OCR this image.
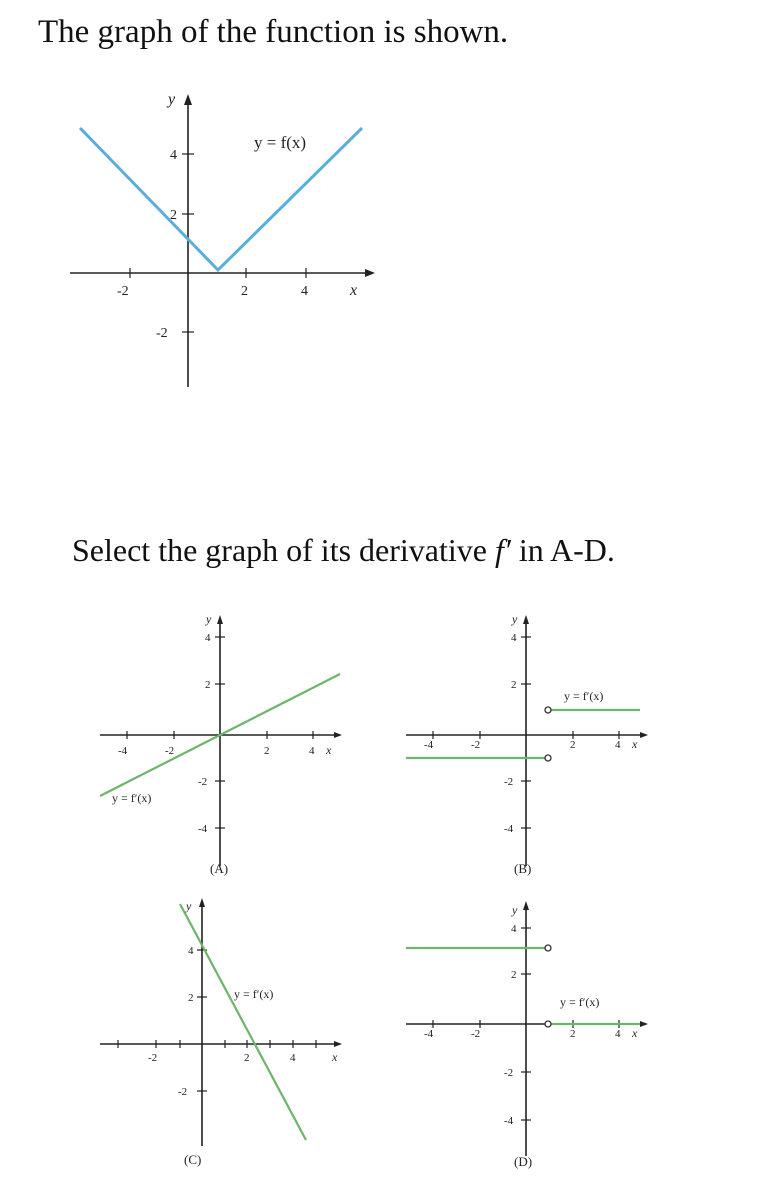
The graph of the function is shown.
-2	2	4	x
4
2
-2
y
y = f(x)

Select the graph of its derivative f′ in A-D.

-4	-2	2	4 x
4
2
-2
-4
y
y = f′(x)
(A)
-4	-2	2	4 x
4
2
-2
-4
y
y = f′(x)
(B)
-2	2	4	x
4
2
-2
y
y = f′(x)
(C)
-4	-2	2	4 x
4
2
-2
-4
y
y = f′(x)
(D)
